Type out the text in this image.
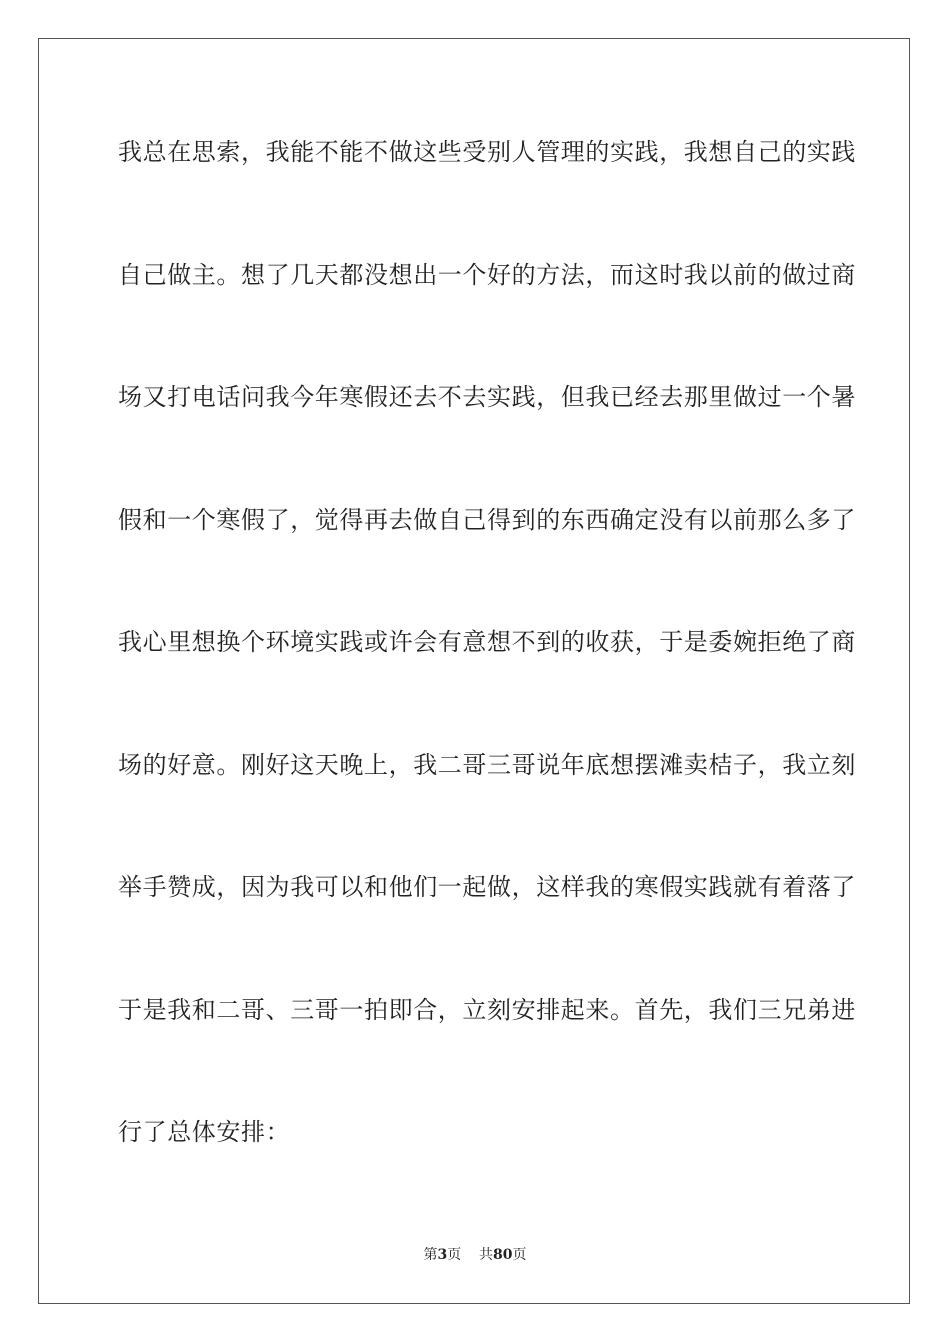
我总在思索，我能不能不做这些受别人管理的实践，我想自己的实践
自己做主。想了几天都没想出一个好的方法，而这时我以前的做过商
场又打电话问我今年寒假还去不去实践，但我已经去那里做过一个暑
假和一个寒假了，觉得再去做自己得到的东西确定没有以前那么多了
我心里想换个环境实践或许会有意想不到的收获，于是委婉拒绝了商
场的好意。刚好这天晚上，我二哥三哥说年底想摆滩卖桔子，我立刻
举手赞成，因为我可以和他们一起做，这样我的寒假实践就有着落了
于是我和二哥、三哥一拍即合，立刻安排起来。首先，我们三兄弟进
行了总体安排：
第3页 共80页
